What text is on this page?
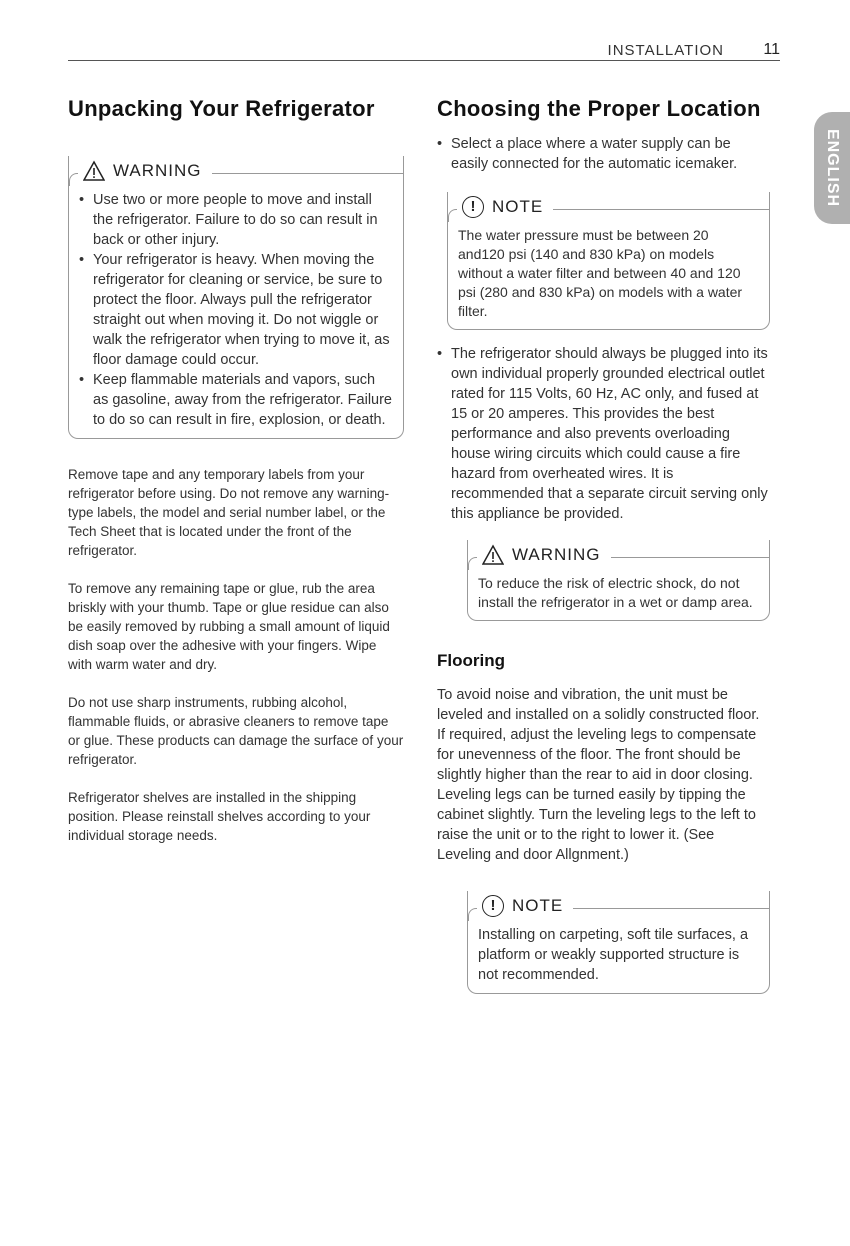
INSTALLATION 11
ENGLISH
Unpacking Your Refrigerator
WARNING
• Use two or more people to move and install the refrigerator. Failure to do so can result in back or other injury.
• Your refrigerator is heavy. When moving the refrigerator for cleaning or service, be sure to protect the floor. Always pull the refrigerator straight out when moving it. Do not wiggle or walk the refrigerator when trying to move it, as floor damage could occur.
• Keep flammable materials and vapors, such as gasoline, away from the refrigerator. Failure to do so can result in fire, explosion, or death.

Remove tape and any temporary labels from your refrigerator before using. Do not remove any warning-type labels, the model and serial number label, or the Tech Sheet that is located under the front of the refrigerator.

To remove any remaining tape or glue, rub the area briskly with your thumb. Tape or glue residue can also be easily removed by rubbing a small amount of liquid dish soap over the adhesive with your fingers. Wipe with warm water and dry.

Do not use sharp instruments, rubbing alcohol, flammable fluids, or abrasive cleaners to remove tape or glue. These products can damage the surface of your refrigerator.

Refrigerator shelves are installed in the shipping position. Please reinstall shelves according to your individual storage needs.

Choosing the Proper Location
• Select a place where a water supply can be easily connected for the automatic icemaker.
! NOTE

The water pressure must be between 20 and120 psi (140 and 830 kPa) on models without a water filter and between 40 and 120 psi (280 and 830 kPa) on models with a water filter.

• The refrigerator should always be plugged into its own individual properly grounded electrical outlet rated for 115 Volts, 60 Hz, AC only, and fused at 15 or 20 amperes. This provides the best performance and also prevents overloading house wiring circuits which could cause a fire hazard from overheated wires. It is recommended that a separate circuit serving only this appliance be provided.
WARNING

To reduce the risk of electric shock, do not install the refrigerator in a wet or damp area.

Flooring

To avoid noise and vibration, the unit must be leveled and installed on a solidly constructed floor. If required, adjust the leveling legs to compensate for unevenness of the floor. The front should be slightly higher than the rear to aid in door closing. Leveling legs can be turned easily by tipping the cabinet slightly. Turn the leveling legs to the left to raise the unit or to the right to lower it. (See Leveling and door Allgnment.)

! NOTE

Installing on carpeting, soft tile surfaces, a platform or weakly supported structure is not recommended.
